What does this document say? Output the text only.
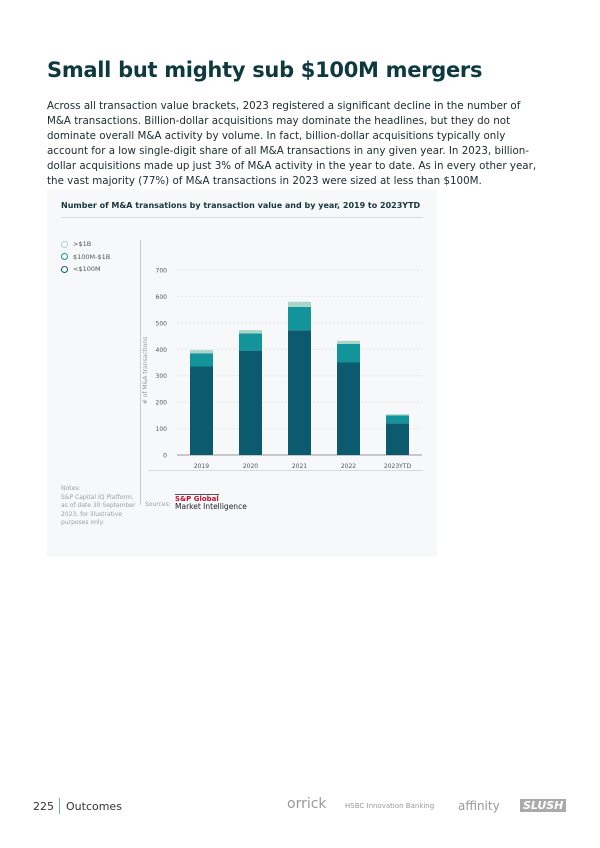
Small but mighty sub $100M mergers

Across all transaction value brackets, 2023 registered a significant decline in the number of M&A transactions. Billion-dollar acquisitions may dominate the headlines, but they do not dominate overall M&A activity by volume. In fact, billion-dollar acquisitions typically only account for a low single-digit share of all M&A transactions in any given year. In 2023, billion-dollar acquisitions made up just 3% of M&A activity in the year to date. As in every other year, the vast majority (77%) of M&A transactions in 2023 were sized at less than $100M.

Number of M&A transations by transaction value and by year, 2019 to 2023YTD
>$1B
$100M-$1B
<$100M
0
100
200
300
400
500
600
700
# of M&A transactions
2019	2020	2021	2022	2023YTD
Notes:
S&P Capital IQ Platform, as of date 30 September 2023, for illustrative purposes only.
Sources:
S&P Global
Market Intelligence
225 Outcomes	orrick	HSBC Innovation Banking affinity SLUSH
